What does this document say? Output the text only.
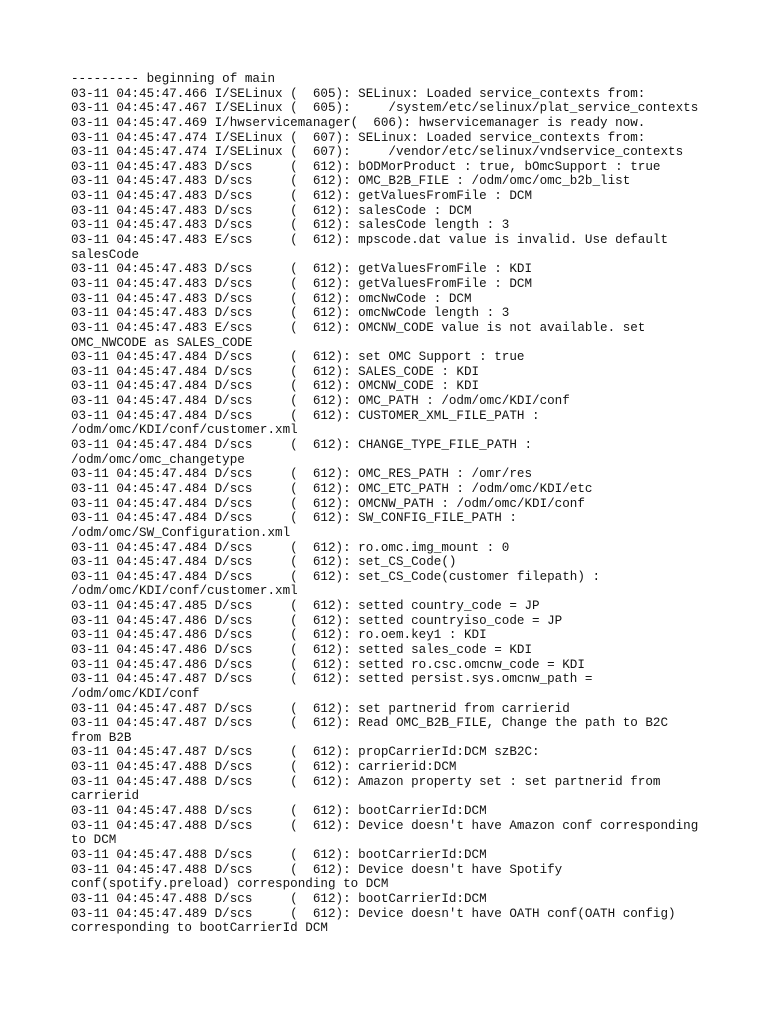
--------- beginning of main

03-11 04:45:47.466 I/SELinux (  605): SELinux: Loaded service_contexts from:

03-11 04:45:47.467 I/SELinux (  605):     /system/etc/selinux/plat_service_contexts

03-11 04:45:47.469 I/hwservicemanager(  606): hwservicemanager is ready now.

03-11 04:45:47.474 I/SELinux (  607): SELinux: Loaded service_contexts from:

03-11 04:45:47.474 I/SELinux (  607):     /vendor/etc/selinux/vndservice_contexts

03-11 04:45:47.483 D/scs     (  612): bODMorProduct : true, bOmcSupport : true

03-11 04:45:47.483 D/scs     (  612): OMC_B2B_FILE : /odm/omc/omc_b2b_list

03-11 04:45:47.483 D/scs     (  612): getValuesFromFile : DCM

03-11 04:45:47.483 D/scs     (  612): salesCode : DCM

03-11 04:45:47.483 D/scs     (  612): salesCode length : 3

03-11 04:45:47.483 E/scs     (  612): mpscode.dat value is invalid. Use default

salesCode

03-11 04:45:47.483 D/scs     (  612): getValuesFromFile : KDI

03-11 04:45:47.483 D/scs     (  612): getValuesFromFile : DCM

03-11 04:45:47.483 D/scs     (  612): omcNwCode : DCM

03-11 04:45:47.483 D/scs     (  612): omcNwCode length : 3

03-11 04:45:47.483 E/scs     (  612): OMCNW_CODE value is not available. set

OMC_NWCODE as SALES_CODE

03-11 04:45:47.484 D/scs     (  612): set OMC Support : true

03-11 04:45:47.484 D/scs     (  612): SALES_CODE : KDI

03-11 04:45:47.484 D/scs     (  612): OMCNW_CODE : KDI

03-11 04:45:47.484 D/scs     (  612): OMC_PATH : /odm/omc/KDI/conf

03-11 04:45:47.484 D/scs     (  612): CUSTOMER_XML_FILE_PATH :

/odm/omc/KDI/conf/customer.xml

03-11 04:45:47.484 D/scs     (  612): CHANGE_TYPE_FILE_PATH :

/odm/omc/omc_changetype

03-11 04:45:47.484 D/scs     (  612): OMC_RES_PATH : /omr/res

03-11 04:45:47.484 D/scs     (  612): OMC_ETC_PATH : /odm/omc/KDI/etc

03-11 04:45:47.484 D/scs     (  612): OMCNW_PATH : /odm/omc/KDI/conf

03-11 04:45:47.484 D/scs     (  612): SW_CONFIG_FILE_PATH :

/odm/omc/SW_Configuration.xml

03-11 04:45:47.484 D/scs     (  612): ro.omc.img_mount : 0

03-11 04:45:47.484 D/scs     (  612): set_CS_Code()

03-11 04:45:47.484 D/scs     (  612): set_CS_Code(customer filepath) :

/odm/omc/KDI/conf/customer.xml

03-11 04:45:47.485 D/scs     (  612): setted country_code = JP

03-11 04:45:47.486 D/scs     (  612): setted countryiso_code = JP

03-11 04:45:47.486 D/scs     (  612): ro.oem.key1 : KDI

03-11 04:45:47.486 D/scs     (  612): setted sales_code = KDI

03-11 04:45:47.486 D/scs     (  612): setted ro.csc.omcnw_code = KDI

03-11 04:45:47.487 D/scs     (  612): setted persist.sys.omcnw_path =

/odm/omc/KDI/conf

03-11 04:45:47.487 D/scs     (  612): set partnerid from carrierid

03-11 04:45:47.487 D/scs     (  612): Read OMC_B2B_FILE, Change the path to B2C

from B2B

03-11 04:45:47.487 D/scs     (  612): propCarrierId:DCM szB2C:

03-11 04:45:47.488 D/scs     (  612): carrierid:DCM

03-11 04:45:47.488 D/scs     (  612): Amazon property set : set partnerid from

carrierid

03-11 04:45:47.488 D/scs     (  612): bootCarrierId:DCM

03-11 04:45:47.488 D/scs     (  612): Device doesn't have Amazon conf corresponding

to DCM

03-11 04:45:47.488 D/scs     (  612): bootCarrierId:DCM

03-11 04:45:47.488 D/scs     (  612): Device doesn't have Spotify

conf(spotify.preload) corresponding to DCM

03-11 04:45:47.488 D/scs     (  612): bootCarrierId:DCM

03-11 04:45:47.489 D/scs     (  612): Device doesn't have OATH conf(OATH config)

corresponding to bootCarrierId DCM
